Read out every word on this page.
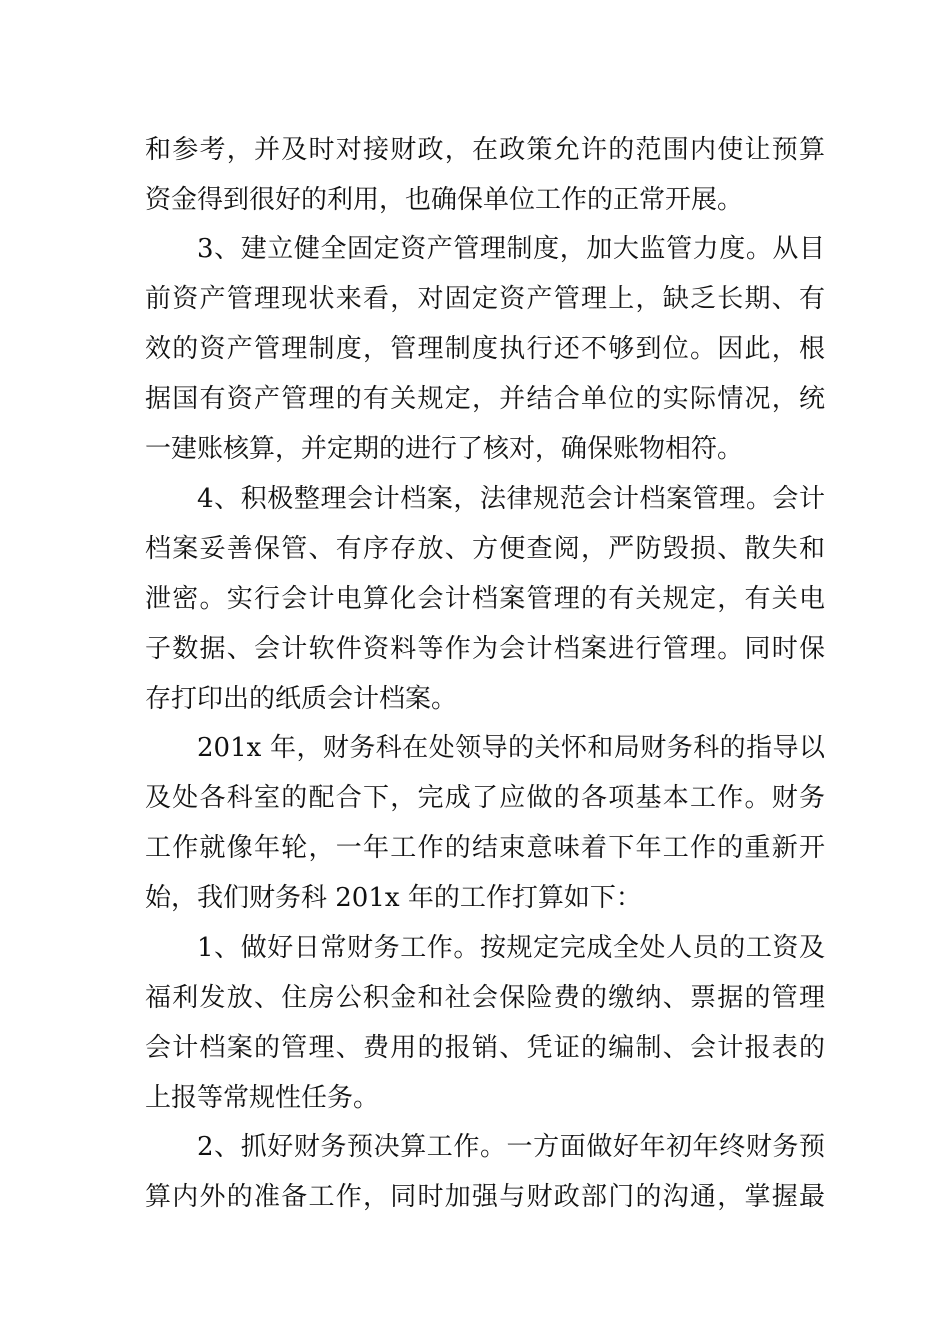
和参考，并及时对接财政，在政策允许的范围内使让预算
资金得到很好的利用，也确保单位工作的正常开展。
3、建立健全固定资产管理制度，加大监管力度。从目
前资产管理现状来看，对固定资产管理上，缺乏长期、有
效的资产管理制度，管理制度执行还不够到位。因此，根
据国有资产管理的有关规定，并结合单位的实际情况，统
一建账核算，并定期的进行了核对，确保账物相符。
4、积极整理会计档案，法律规范会计档案管理。会计
档案妥善保管、有序存放、方便查阅，严防毁损、散失和
泄密。实行会计电算化会计档案管理的有关规定，有关电
子数据、会计软件资料等作为会计档案进行管理。同时保
存打印出的纸质会计档案。
201x 年，财务科在处领导的关怀和局财务科的指导以
及处各科室的配合下，完成了应做的各项基本工作。财务
工作就像年轮，一年工作的结束意味着下年工作的重新开
始，我们财务科 201x 年的工作打算如下：
1、做好日常财务工作。按规定完成全处人员的工资及
福利发放、住房公积金和社会保险费的缴纳、票据的管理
会计档案的管理、费用的报销、凭证的编制、会计报表的
上报等常规性任务。
2、抓好财务预决算工作。一方面做好年初年终财务预
算内外的准备工作，同时加强与财政部门的沟通，掌握最
